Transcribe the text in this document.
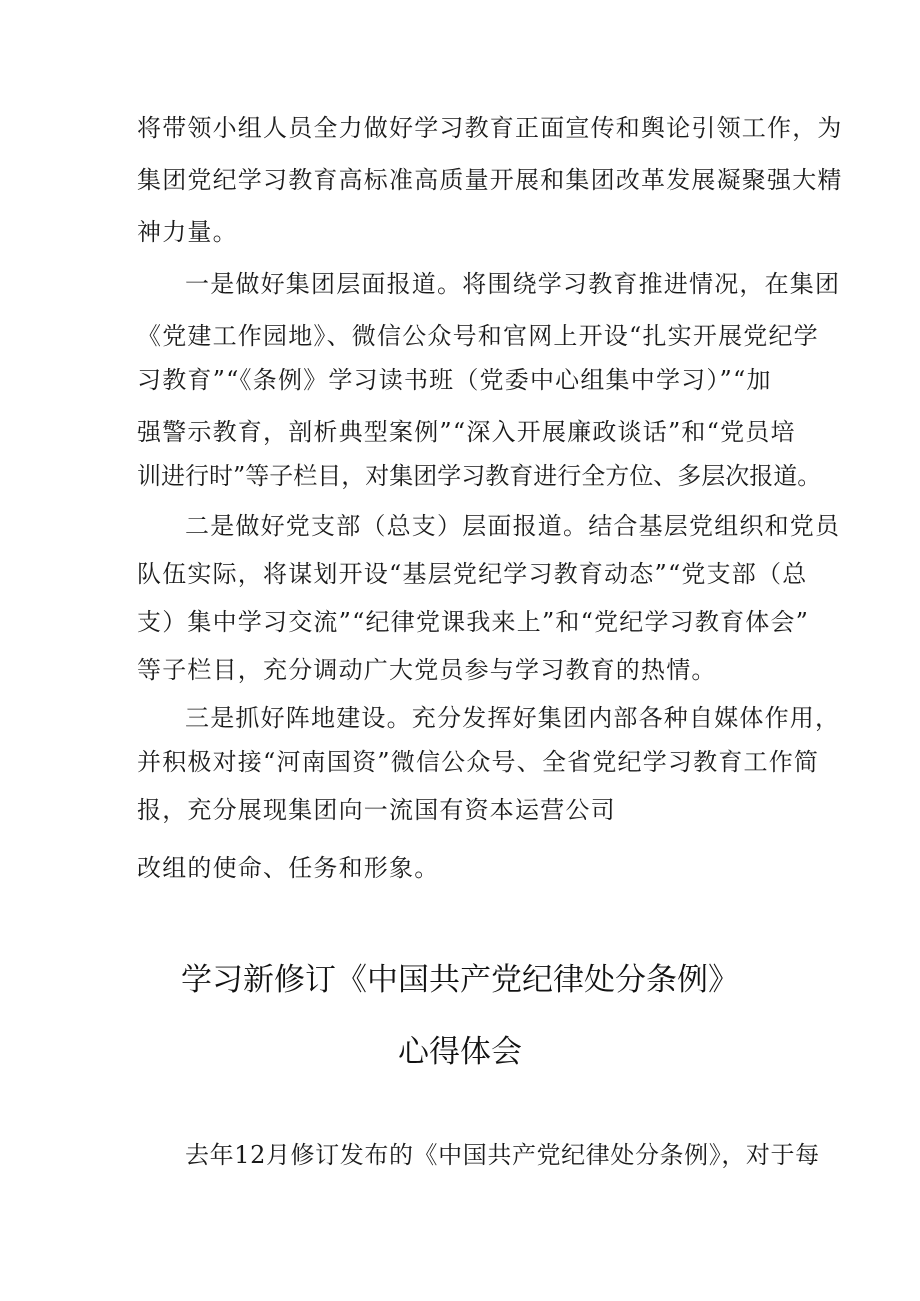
将带领小组人员全力做好学习教育正面宣传和舆论引领工作，为
集团党纪学习教育高标准高质量开展和集团改革发展凝聚强大精
神力量。
一是做好集团层面报道。将围绕学习教育推进情况，在集团
《党建工作园地》、微信公众号和官网上开设“扎实开展党纪学
习教育”“《条例》学习读书班（党委中心组集中学习）”“加
强警示教育，剖析典型案例”“深入开展廉政谈话”和“党员培
训进行时”等子栏目，对集团学习教育进行全方位、多层次报道。
二是做好党支部（总支）层面报道。结合基层党组织和党员
队伍实际，将谋划开设“基层党纪学习教育动态”“党支部（总
支）集中学习交流”“纪律党课我来上”和“党纪学习教育体会”
等子栏目，充分调动广大党员参与学习教育的热情。
三是抓好阵地建设。充分发挥好集团内部各种自媒体作用，
并积极对接“河南国资”微信公众号、全省党纪学习教育工作简
报，充分展现集团向一流国有资本运营公司
改组的使命、任务和形象。
学习新修订《中国共产党纪律处分条例》
心得体会
去年12月修订发布的《中国共产党纪律处分条例》，对于每
